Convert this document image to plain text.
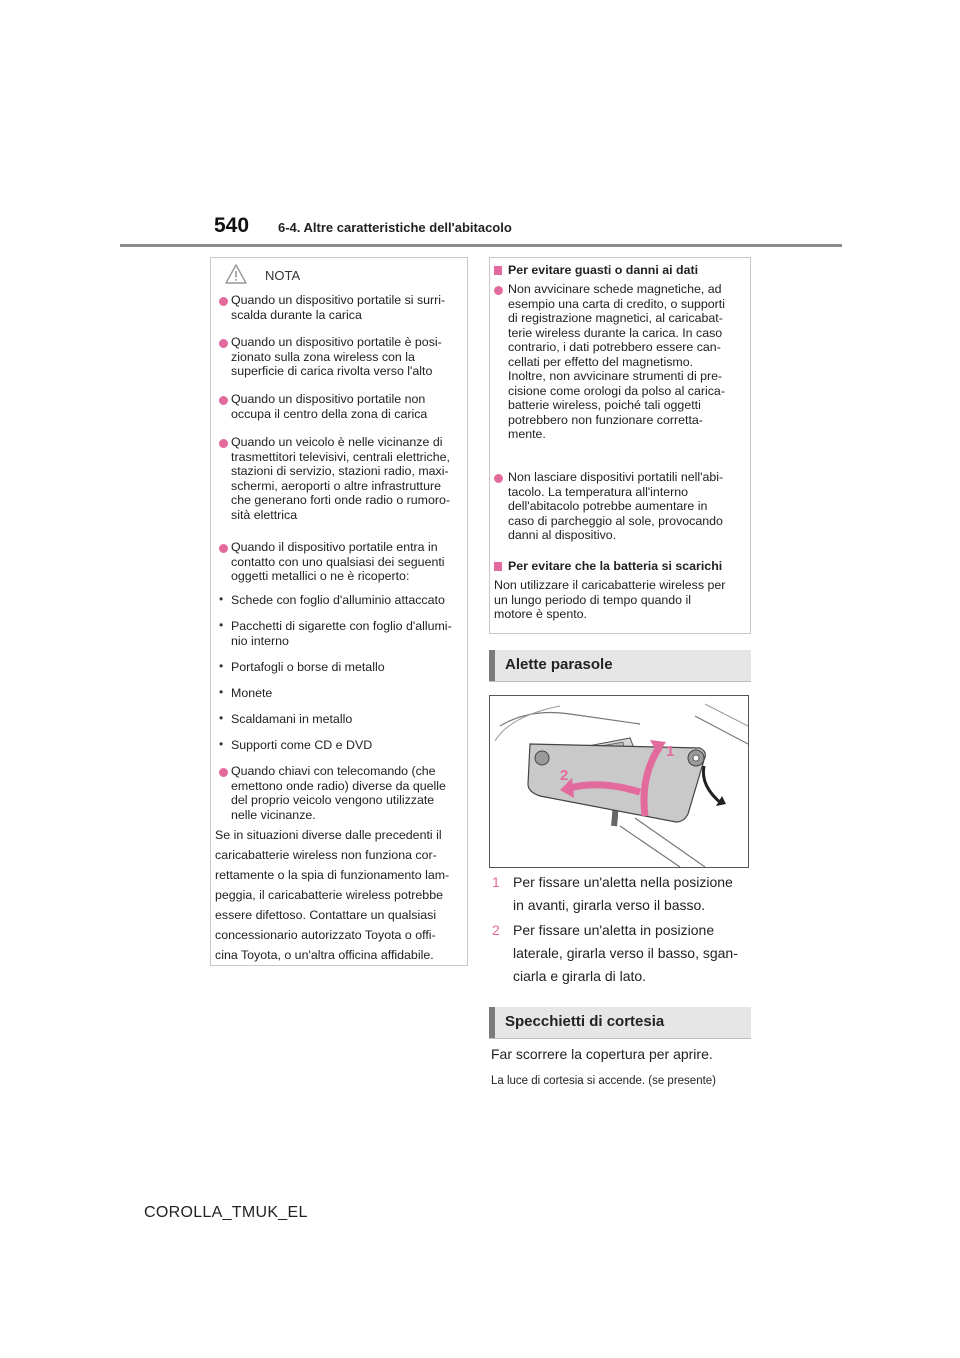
540 6-4. Altre caratteristiche dell'abitacolo
NOTA
Quando un dispositivo portatile si surri-
scalda durante la carica
Quando un dispositivo portatile è posi-
zionato sulla zona wireless con la
superficie di carica rivolta verso l'alto
Quando un dispositivo portatile non
occupa il centro della zona di carica
Quando un veicolo è nelle vicinanze di
trasmettitori televisivi, centrali elettriche,
stazioni di servizio, stazioni radio, maxi-
schermi, aeroporti o altre infrastrutture
che generano forti onde radio o rumoro-
sità elettrica
Quando il dispositivo portatile entra in
contatto con uno qualsiasi dei seguenti
oggetti metallici o ne è ricoperto:
• Schede con foglio d'alluminio attaccato
• Pacchetti di sigarette con foglio d'allumi-
nio interno
• Portafogli o borse di metallo
• Monete
• Scaldamani in metallo
• Supporti come CD e DVD
Quando chiavi con telecomando (che
emettono onde radio) diverse da quelle
del proprio veicolo vengono utilizzate
nelle vicinanze.
Se in situazioni diverse dalle precedenti il
caricabatterie wireless non funziona cor-
rettamente o la spia di funzionamento lam-
peggia, il caricabatterie wireless potrebbe
essere difettoso. Contattare un qualsiasi
concessionario autorizzato Toyota o offi-
cina Toyota, o un'altra officina affidabile.
Per evitare guasti o danni ai dati
Non avvicinare schede magnetiche, ad
esempio una carta di credito, o supporti
di registrazione magnetici, al caricabat-
terie wireless durante la carica. In caso
contrario, i dati potrebbero essere can-
cellati per effetto del magnetismo.
Inoltre, non avvicinare strumenti di pre-
cisione come orologi da polso al carica-
batterie wireless, poiché tali oggetti
potrebbero non funzionare corretta-
mente.
Non lasciare dispositivi portatili nell'abi-
tacolo. La temperatura all'interno
dell'abitacolo potrebbe aumentare in
caso di parcheggio al sole, provocando
danni al dispositivo.
Per evitare che la batteria si scarichi
Non utilizzare il caricabatterie wireless per
un lungo periodo di tempo quando il
motore è spento.
Alette parasole
1
2
1 Per fissare un'aletta nella posizione
in avanti, girarla verso il basso.
2 Per fissare un'aletta in posizione
laterale, girarla verso il basso, sgan-
ciarla e girarla di lato.
Specchietti di cortesia
Far scorrere la copertura per aprire.
La luce di cortesia si accende. (se presente)
COROLLA_TMUK_EL
